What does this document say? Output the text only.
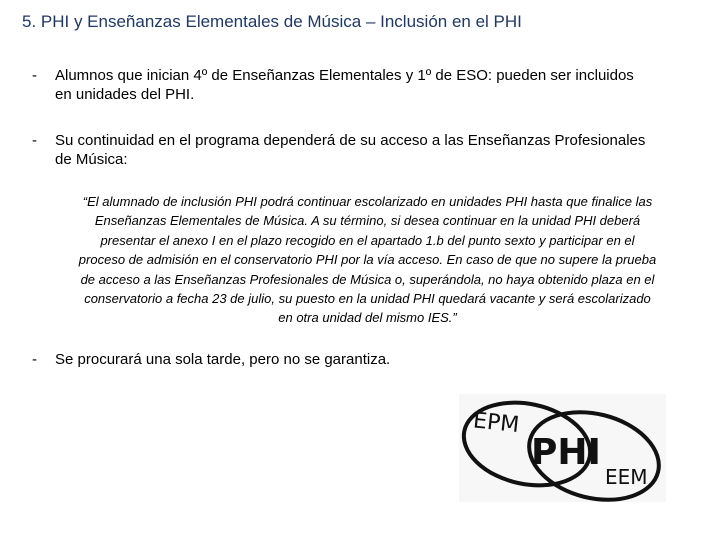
5. PHI y Enseñanzas Elementales de Música – Inclusión en el PHI
- Alumnos que inician 4º de Enseñanzas Elementales y 1º de ESO: pueden ser incluidos
en unidades del PHI.
- Su continuidad en el programa dependerá de su acceso a las Enseñanzas Profesionales
de Música:
“El alumnado de inclusión PHI podrá continuar escolarizado en unidades PHI hasta que finalice las
Enseñanzas Elementales de Música. A su término, si desea continuar en la unidad PHI deberá
presentar el anexo I en el plazo recogido en el apartado 1.b del punto sexto y participar en el
proceso de admisión en el conservatorio PHI por la vía acceso. En caso de que no supere la prueba
de acceso a las Enseñanzas Profesionales de Música o, superándola, no haya obtenido plaza en el
conservatorio a fecha 23 de julio, su puesto en la unidad PHI quedará vacante y será escolarizado
en otra unidad del mismo IES.”
- Se procurará una sola tarde, pero no se garantiza.
EPM
PHI
EEM
